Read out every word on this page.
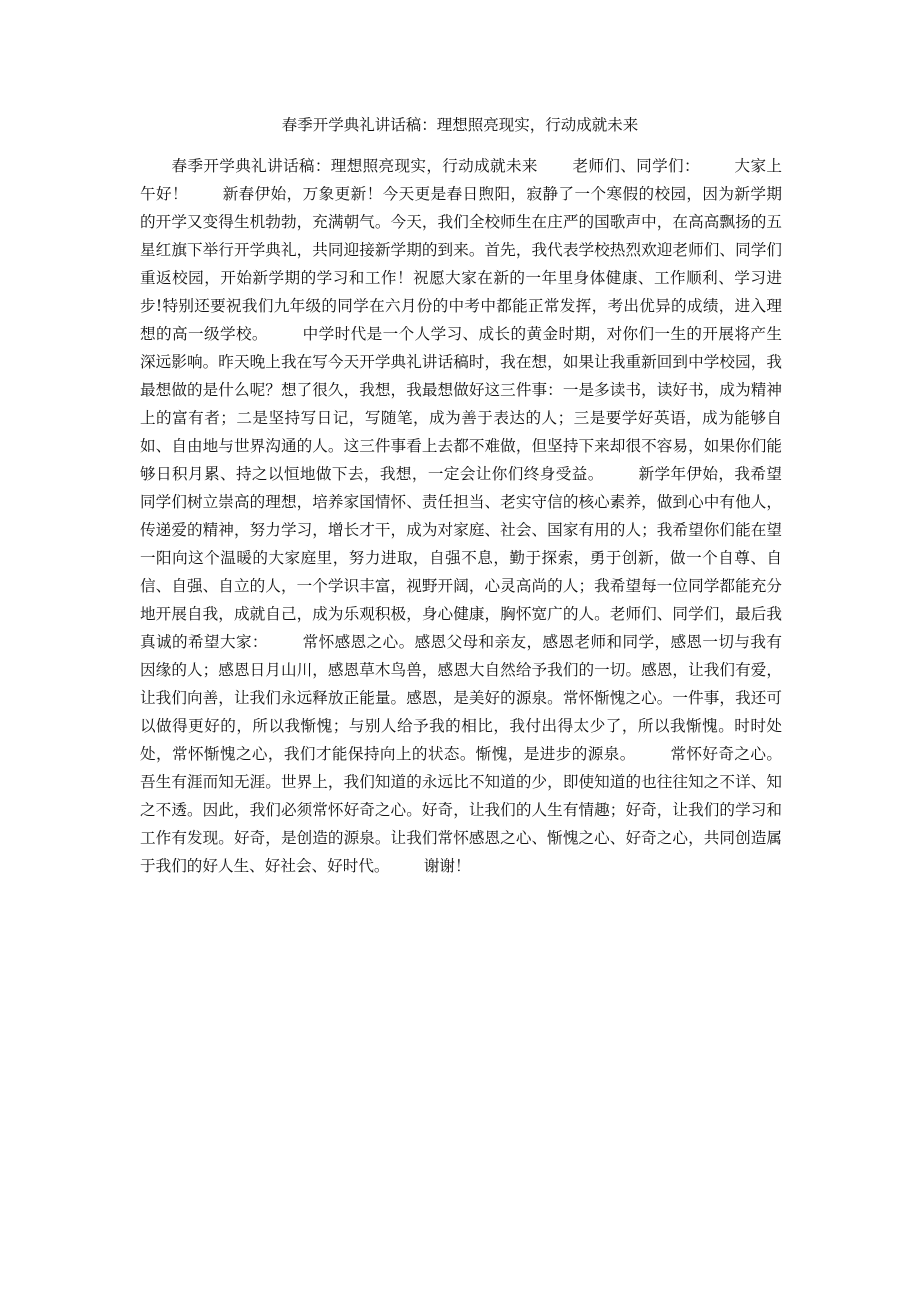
春季开学典礼讲话稿：理想照亮现实，行动成就未来

春季开学典礼讲话稿：理想照亮现实，行动成就未来 老师们、同学们： 大家上午好！ 新春伊始，万象更新！今天更是春日煦阳，寂静了一个寒假的校园，因为新学期的开学又变得生机勃勃，充满朝气。今天，我们全校师生在庄严的国歌声中，在高高飘扬的五星红旗下举行开学典礼，共同迎接新学期的到来。首先，我代表学校热烈欢迎老师们、同学们重返校园，开始新学期的学习和工作！祝愿大家在新的一年里身体健康、工作顺利、学习进步!特别还要祝我们九年级的同学在六月份的中考中都能正常发挥，考出优异的成绩，进入理想的高一级学校。 中学时代是一个人学习、成长的黄金时期，对你们一生的开展将产生深远影响。昨天晚上我在写今天开学典礼讲话稿时，我在想，如果让我重新回到中学校园，我最想做的是什么呢？想了很久，我想，我最想做好这三件事：一是多读书，读好书，成为精神上的富有者；二是坚持写日记，写随笔，成为善于表达的人；三是要学好英语，成为能够自如、自由地与世界沟通的人。这三件事看上去都不难做，但坚持下来却很不容易，如果你们能够日积月累、持之以恒地做下去，我想，一定会让你们终身受益。 新学年伊始，我希望同学们树立崇高的理想，培养家国情怀、责任担当、老实守信的核心素养，做到心中有他人，传递爱的精神，努力学习，增长才干，成为对家庭、社会、国家有用的人；我希望你们能在望一阳向这个温暖的大家庭里，努力进取，自强不息，勤于探索，勇于创新，做一个自尊、自信、自强、自立的人，一个学识丰富，视野开阔，心灵高尚的人；我希望每一位同学都能充分地开展自我，成就自己，成为乐观积极，身心健康，胸怀宽广的人。老师们、同学们，最后我真诚的希望大家： 常怀感恩之心。感恩父母和亲友，感恩老师和同学，感恩一切与我有因缘的人；感恩日月山川，感恩草木鸟兽，感恩大自然给予我们的一切。感恩，让我们有爱，让我们向善，让我们永远释放正能量。感恩，是美好的源泉。常怀惭愧之心。一件事，我还可以做得更好的，所以我惭愧；与别人给予我的相比，我付出得太少了，所以我惭愧。时时处处，常怀惭愧之心，我们才能保持向上的状态。惭愧，是进步的源泉。 常怀好奇之心。吾生有涯而知无涯。世界上，我们知道的永远比不知道的少，即使知道的也往往知之不详、知之不透。因此，我们必须常怀好奇之心。好奇，让我们的人生有情趣；好奇，让我们的学习和工作有发现。好奇，是创造的源泉。让我们常怀感恩之心、惭愧之心、好奇之心，共同创造属于我们的好人生、好社会、好时代。 谢谢！
